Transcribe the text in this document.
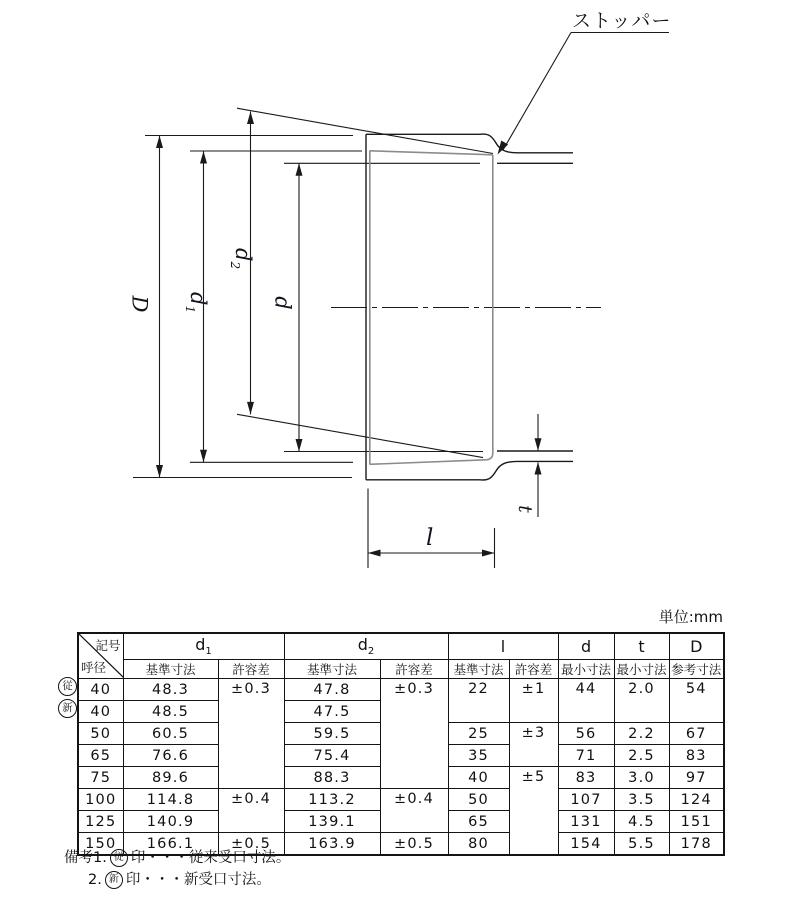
ストッパー
D $d_1$
$d_2$
d
l
t
単位:mm
従
新
記号
呼径	$d_1$		$d_2$		l		d	t	D
	基準寸法	許容差	基準寸法	許容差	基準寸法	許容差	最小寸法	最小寸法	参考寸法
40	48.3	±0.3	47.8	±0.3	22	±1	44	2.0	54
40	48.5		47.5						
50	60.5		59.5		25	±3	56	2.2	67
65	76.6		75.4		35		71	2.5	83
75	89.6		88.3		40	±5	83	3.0	97
100	114.8	±0.4	113.2	±0.4	50		107	3.5	124
125	140.9		139.1		65		131	4.5	151
150	166.1	±0.5	163.9	±0.5	80		154	5.5	178
備考1. 従 印・・・従来受口寸法。
2. 新 印・・・新受口寸法。
